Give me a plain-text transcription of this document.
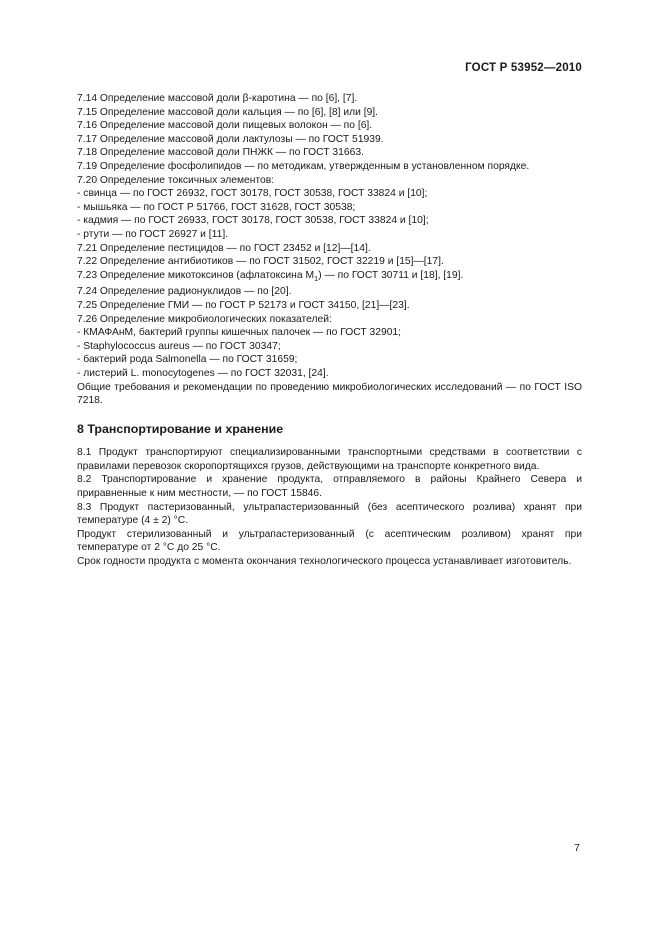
ГОСТ Р 53952—2010
7.14 Определение массовой доли β-каротина — по [6], [7].
7.15 Определение массовой доли кальция — по [6], [8] или [9].
7.16 Определение массовой доли пищевых волокон — по [6].
7.17 Определение массовой доли лактулозы — по ГОСТ 51939.
7.18 Определение массовой доли ПНЖК — по ГОСТ 31663.
7.19 Определение фосфолипидов — по методикам, утвержденным в установленном порядке.
7.20 Определение токсичных элементов:
- свинца — по ГОСТ 26932, ГОСТ 30178, ГОСТ 30538, ГОСТ 33824 и [10];
- мышьяка — по ГОСТ Р 51766, ГОСТ 31628, ГОСТ 30538;
- кадмия — по ГОСТ 26933, ГОСТ 30178, ГОСТ 30538, ГОСТ 33824 и [10];
- ртути — по ГОСТ 26927 и [11].
7.21 Определение пестицидов — по ГОСТ 23452 и [12]—[14].
7.22 Определение антибиотиков — по ГОСТ 31502, ГОСТ 32219 и [15]—[17].
7.23 Определение микотоксинов (афлатоксина $M_1$) — по ГОСТ 30711 и [18], [19].
7.24 Определение радионуклидов — по [20].
7.25 Определение ГМИ — по ГОСТ Р 52173 и ГОСТ 34150, [21]—[23].
7.26 Определение микробиологических показателей:
- КМАФАнМ, бактерий группы кишечных палочек — по ГОСТ 32901;
- Staphylococcus aureus — по ГОСТ 30347;
- бактерий рода Salmonella — по ГОСТ 31659;
- листерий L. monocytogenes — по ГОСТ 32031, [24].
Общие требования и рекомендации по проведению микробиологических исследований — по ГОСТ ISO 7218.
8 Транспортирование и хранение
8.1 Продукт транспортируют специализированными транспортными средствами в соответствии с правилами перевозок скоропортящихся грузов, действующими на транспорте конкретного вида.
8.2 Транспортирование и хранение продукта, отправляемого в районы Крайнего Севера и приравненные к ним местности, — по ГОСТ 15846.
8.3 Продукт пастеризованный, ультрапастеризованный (без асептического розлива) хранят при температуре (4 ± 2) °С.
Продукт стерилизованный и ультрапастеризованный (с асептическим розливом) хранят при температуре от 2 °С до 25 °С.
Срок годности продукта с момента окончания технологического процесса устанавливает изготовитель.
7
